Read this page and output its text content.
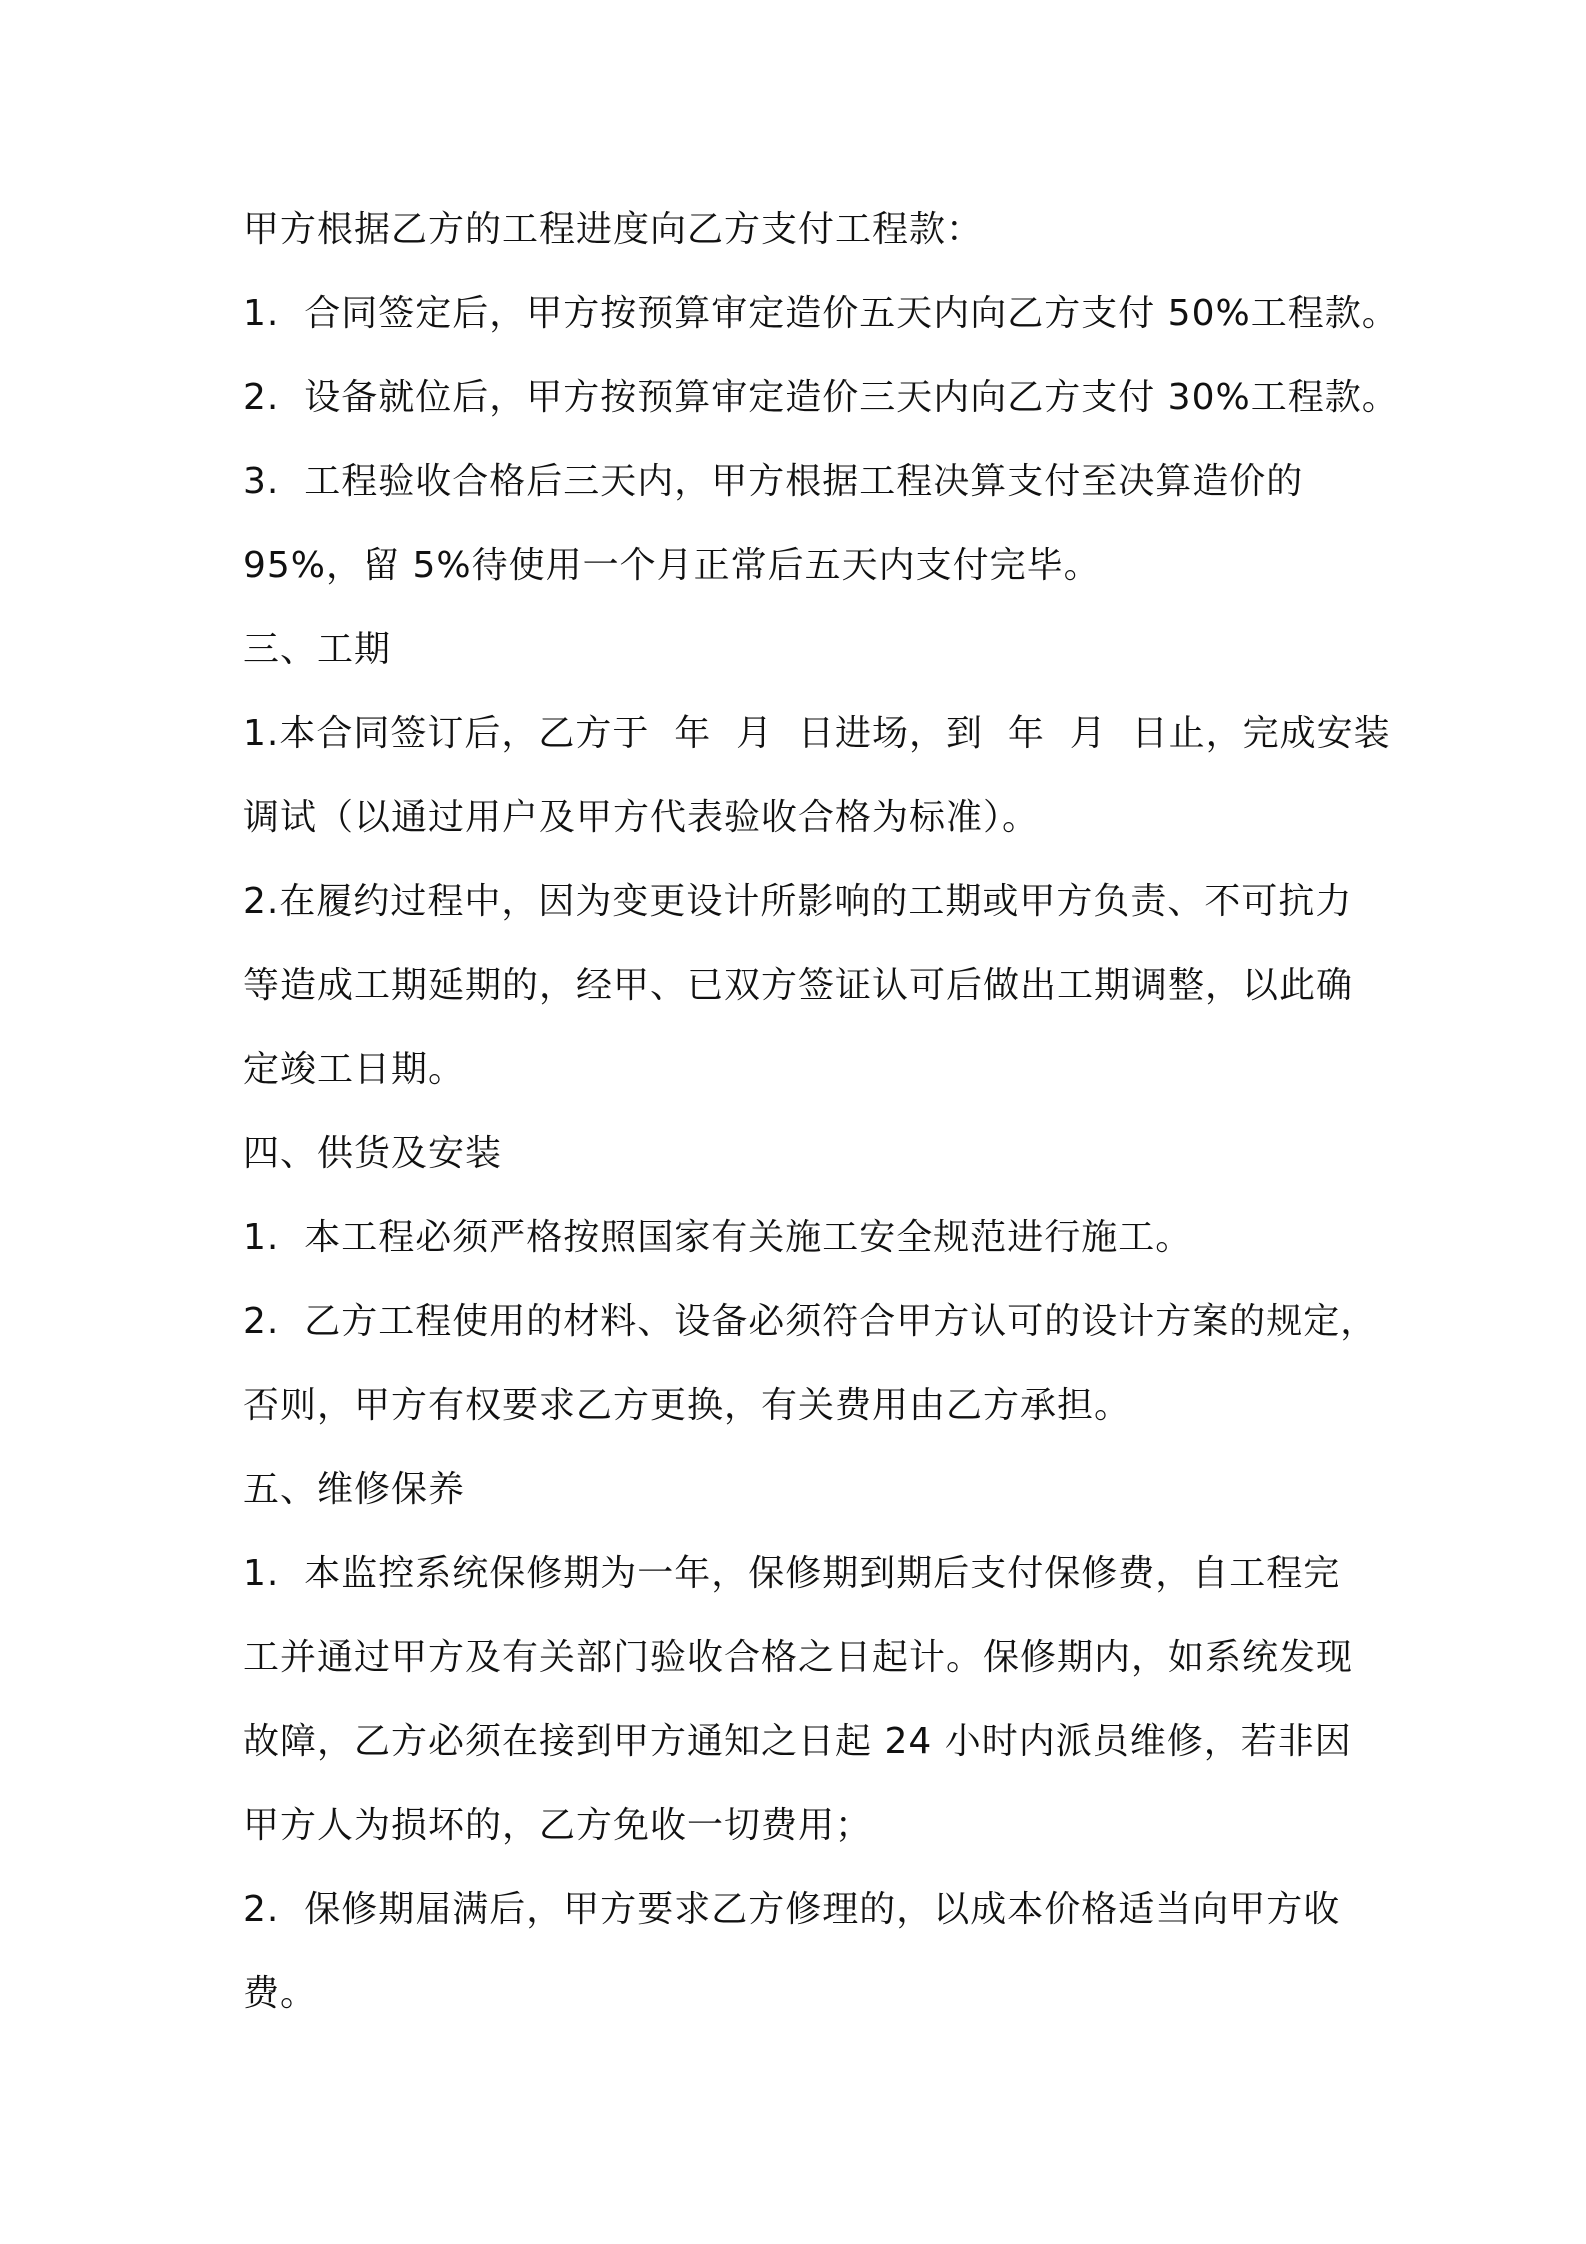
甲方根据乙方的工程进度向乙方支付工程款：
1.  合同签定后，甲方按预算审定造价五天内向乙方支付 50%工程款。
2.  设备就位后，甲方按预算审定造价三天内向乙方支付 30%工程款。
3.  工程验收合格后三天内，甲方根据工程决算支付至决算造价的
95%，留 5%待使用一个月正常后五天内支付完毕。
三、工期
1.本合同签订后，乙方于  年  月  日进场，到  年  月  日止，完成安装
调试（以通过用户及甲方代表验收合格为标准）。
2.在履约过程中，因为变更设计所影响的工期或甲方负责、不可抗力
等造成工期延期的，经甲、已双方签证认可后做出工期调整，以此确
定竣工日期。
四、供货及安装
1.  本工程必须严格按照国家有关施工安全规范进行施工。
2.  乙方工程使用的材料、设备必须符合甲方认可的设计方案的规定，
否则，甲方有权要求乙方更换，有关费用由乙方承担。
五、维修保养
1.  本监控系统保修期为一年，保修期到期后支付保修费，自工程完
工并通过甲方及有关部门验收合格之日起计。保修期内，如系统发现
故障，乙方必须在接到甲方通知之日起 24 小时内派员维修，若非因
甲方人为损坏的，乙方免收一切费用；
2.  保修期届满后，甲方要求乙方修理的，以成本价格适当向甲方收
费。
